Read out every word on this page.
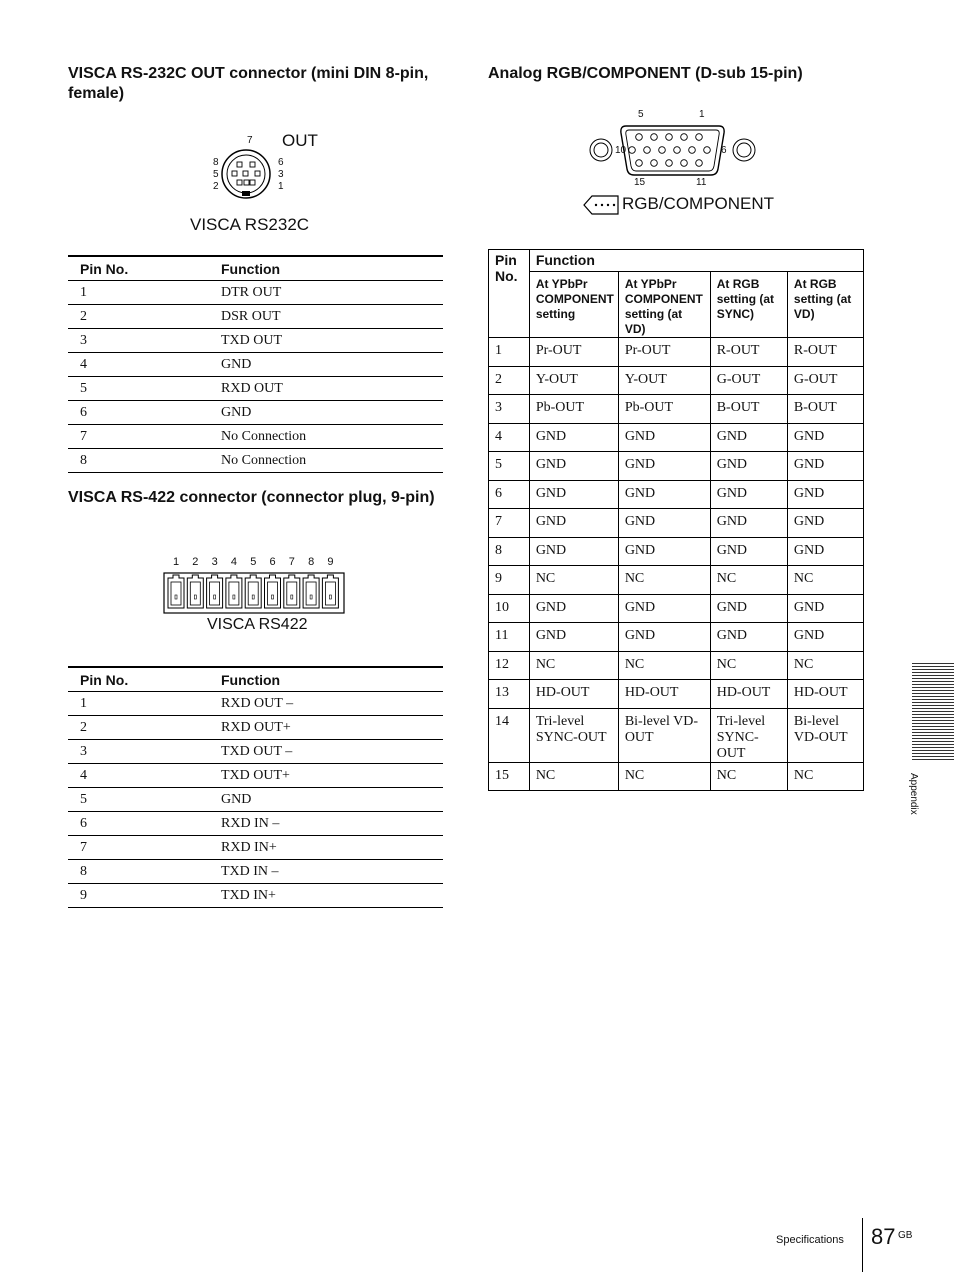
VISCA RS-232C OUT connector (mini DIN 8-pin, female)
7
8
5
2
6
3
1
OUT
VISCA RS232C
Pin No.	Function
1	DTR OUT
2	DSR OUT
3	TXD OUT
4	GND
5	RXD OUT
6	GND
7	No Connection
8	No Connection
VISCA RS-422 connector (connector plug, 9-pin)
1 2 3 4 5 6 7 8 9
VISCA RS422
Pin No.	Function
1	RXD OUT –
2	RXD OUT+
3	TXD OUT –
4	TXD OUT+
5	GND
6	RXD IN –
7	RXD IN+
8	TXD IN –
9	TXD IN+
Analog RGB/COMPONENT (D-sub 15-pin)
5	1
10	6
15	11
RGB/COMPONENT
Pin No.	Function			
	At YPbPr COMPONENT setting	At YPbPr COMPONENT setting (at VD)	At RGB setting (at SYNC)	At RGB setting (at VD)
1	Pr-OUT	Pr-OUT	R-OUT	R-OUT
2	Y-OUT	Y-OUT	G-OUT	G-OUT
3	Pb-OUT	Pb-OUT	B-OUT	B-OUT
4	GND	GND	GND	GND
5	GND	GND	GND	GND
6	GND	GND	GND	GND
7	GND	GND	GND	GND
8	GND	GND	GND	GND
9	NC	NC	NC	NC
10	GND	GND	GND	GND
11	GND	GND	GND	GND
12	NC	NC	NC	NC
13	HD-OUT	HD-OUT	HD-OUT	HD-OUT
14	Tri-level SYNC-OUT	Bi-level VD-OUT	Tri-level SYNC-OUT	Bi-level VD-OUT
15	NC	NC	NC	NC	Appendix
Specifications 87 GB
